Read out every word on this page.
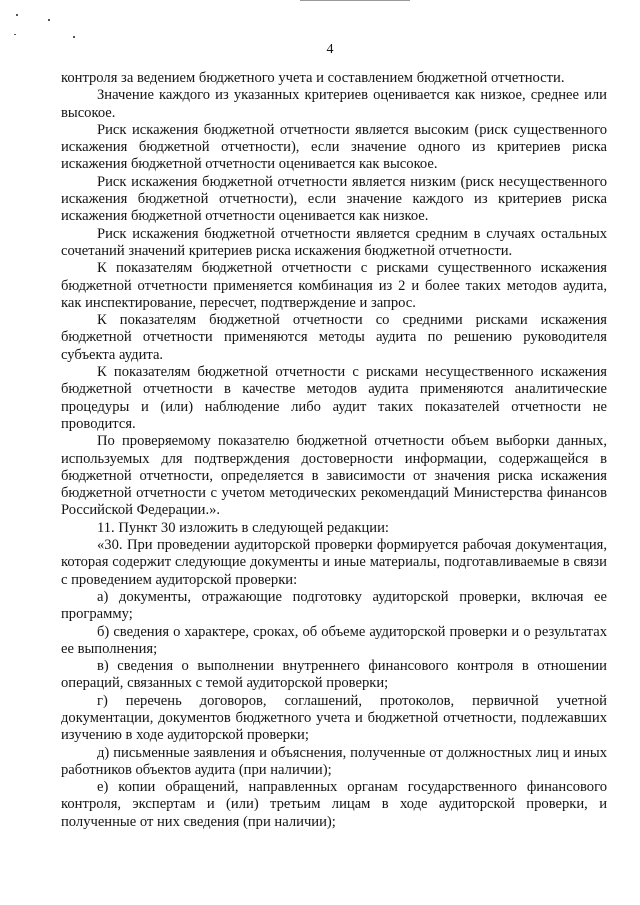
4

контроля за ведением бюджетного учета и составлением бюджетной отчетности.

Значение каждого из указанных критериев оценивается как низкое, среднее или высокое.

Риск искажения бюджетной отчетности является высоким (риск существенного искажения бюджетной отчетности), если значение одного из критериев риска искажения бюджетной отчетности оценивается как высокое.

Риск искажения бюджетной отчетности является низким (риск несущественного искажения бюджетной отчетности), если значение каждого из критериев риска искажения бюджетной отчетности оценивается как низкое.

Риск искажения бюджетной отчетности является средним в случаях остальных сочетаний значений критериев риска искажения бюджетной отчетности.

К показателям бюджетной отчетности с рисками существенного искажения бюджетной отчетности применяется комбинация из 2 и более таких методов аудита, как инспектирование, пересчет, подтверждение и запрос.

К показателям бюджетной отчетности со средними рисками искажения бюджетной отчетности применяются методы аудита по решению руководителя субъекта аудита.

К показателям бюджетной отчетности с рисками несущественного искажения бюджетной отчетности в качестве методов аудита применяются аналитические процедуры и (или) наблюдение либо аудит таких показателей отчетности не проводится.

По проверяемому показателю бюджетной отчетности объем выборки данных, используемых для подтверждения достоверности информации, содержащейся в бюджетной отчетности, определяется в зависимости от значения риска искажения бюджетной отчетности с учетом методических рекомендаций Министерства финансов Российской Федерации.».

11. Пункт 30 изложить в следующей редакции:

«30. При проведении аудиторской проверки формируется рабочая документация, которая содержит следующие документы и иные материалы, подготавливаемые в связи с проведением аудиторской проверки:

а) документы, отражающие подготовку аудиторской проверки, включая ее программу;

б) сведения о характере, сроках, об объеме аудиторской проверки и о результатах ее выполнения;

в) сведения о выполнении внутреннего финансового контроля в отношении операций, связанных с темой аудиторской проверки;

г) перечень договоров, соглашений, протоколов, первичной учетной документации, документов бюджетного учета и бюджетной отчетности, подлежавших изучению в ходе аудиторской проверки;

д) письменные заявления и объяснения, полученные от должностных лиц и иных работников объектов аудита (при наличии);

е) копии обращений, направленных органам государственного финансового контроля, экспертам и (или) третьим лицам в ходе аудиторской проверки, и полученные от них сведения (при наличии);
